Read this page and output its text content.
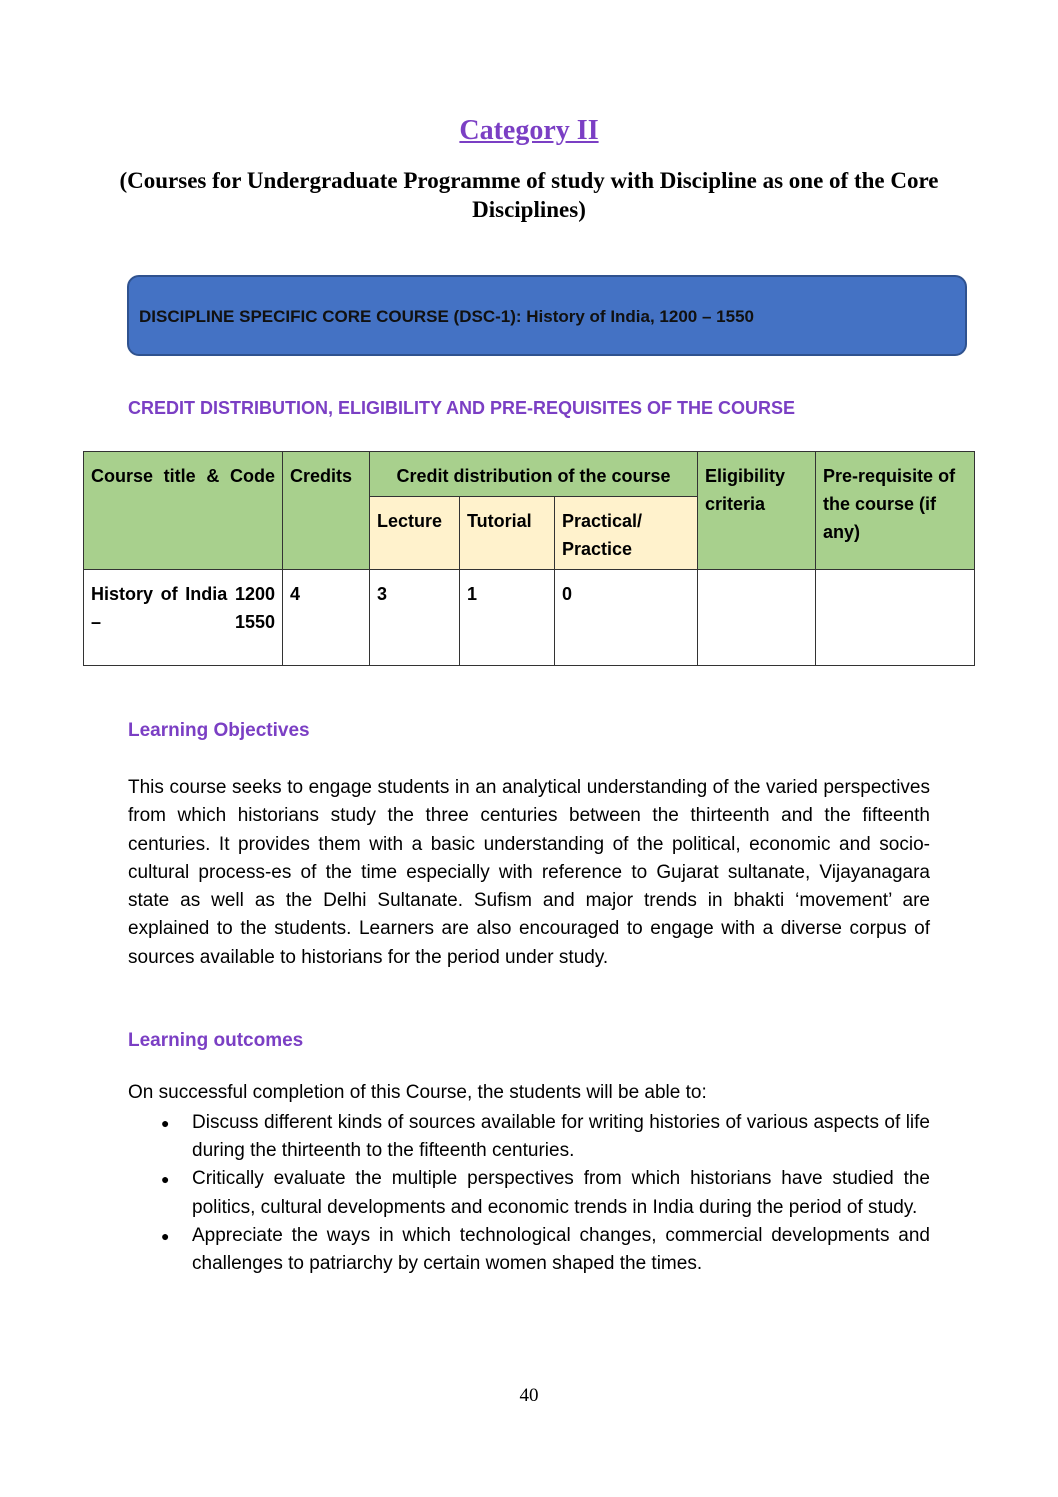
Category II
(Courses for Undergraduate Programme of study with Discipline as one of the Core Disciplines)
DISCIPLINE SPECIFIC CORE COURSE (DSC-1): History of India, 1200 – 1550
CREDIT DISTRIBUTION, ELIGIBILITY AND PRE-REQUISITES OF THE COURSE
Course title & Code	Credits	Credit distribution of the course			Eligibility criteria	Pre-requisite of the course (if any)
		Lecture	Tutorial	Practical/ Practice		
History of India 1200 – 1550	4	3	1	0		
Learning Objectives
This course seeks to engage students in an analytical understanding of the varied perspectives from which historians study the three centuries between the thirteenth and the fifteenth centuries. It provides them with a basic understanding of the political, economic and socio-cultural process-es of the time especially with reference to Gujarat sultanate, Vijayanagara state as well as the Delhi Sultanate. Sufism and major trends in bhakti ‘movement’ are explained to the students. Learners are also encouraged to engage with a diverse corpus of sources available to historians for the period under study.
Learning outcomes
On successful completion of this Course, the students will be able to:
● Discuss different kinds of sources available for writing histories of various aspects of life during the thirteenth to the fifteenth centuries.
● Critically evaluate the multiple perspectives from which historians have studied the politics, cultural developments and economic trends in India during the period of study.
● Appreciate the ways in which technological changes, commercial developments and challenges to patriarchy by certain women shaped the times.
40
